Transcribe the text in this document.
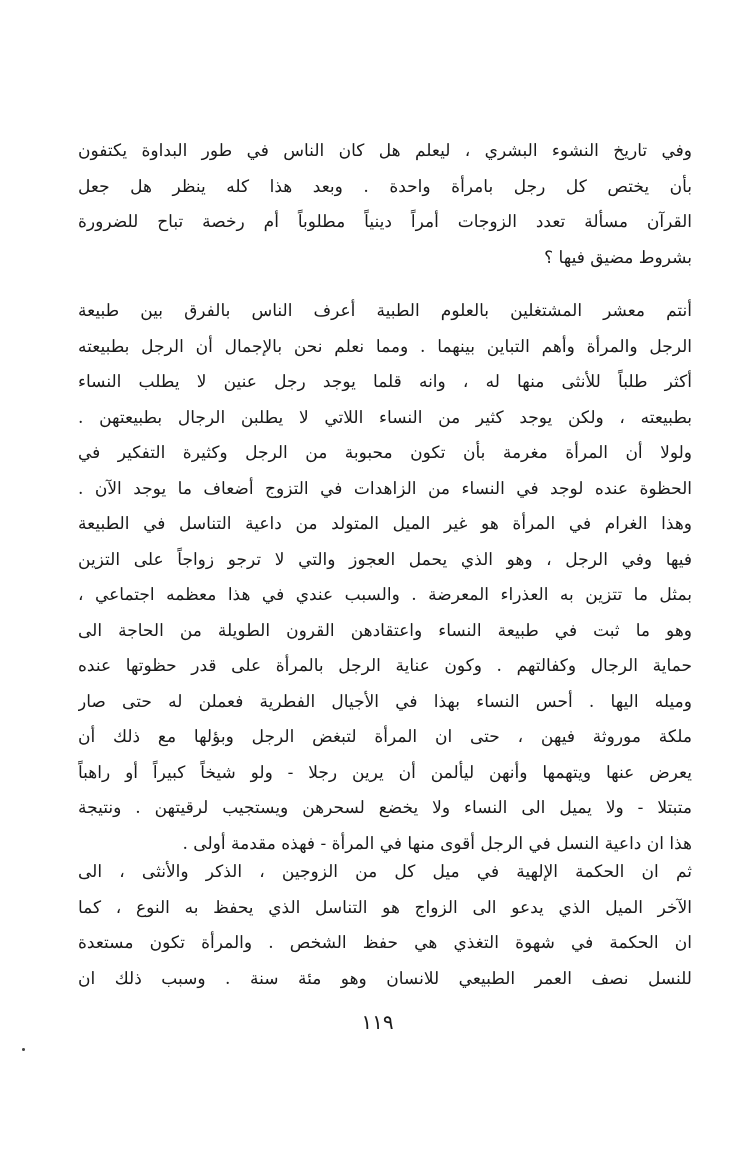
وفي تاريخ النشوء البشري ، ليعلم هل كان الناس في طور البداوة يكتفون
بأن يختص كل رجل بامرأة واحدة . وبعد هذا كله ينظر هل جعل
القرآن مسألة تعدد الزوجات أمراً دينياً مطلوباً أم رخصة تباح للضرورة
بشروط مضيق فيها ؟
أنتم معشر المشتغلين بالعلوم الطبية أعرف الناس بالفرق بين طبيعة
الرجل والمرأة وأهم التباين بينهما . ومما نعلم نحن بالإجمال أن الرجل بطبيعته
أكثر طلباً للأنثى منها له ، وانه قلما يوجد رجل عنين لا يطلب النساء
بطبيعته ، ولكن يوجد كثير من النساء اللاتي لا يطلبن الرجال بطبيعتهن .
ولولا أن المرأة مغرمة بأن تكون محبوبة من الرجل وكثيرة التفكير في
الحظوة عنده لوجد في النساء من الزاهدات في التزوج أضعاف ما يوجد الآن .
وهذا الغرام في المرأة هو غير الميل المتولد من داعية التناسل في الطبيعة
فيها وفي الرجل ، وهو الذي يحمل العجوز والتي لا ترجو زواجاً على التزين
بمثل ما تتزين به العذراء المعرضة . والسبب عندي في هذا معظمه اجتماعي ،
وهو ما ثبت في طبيعة النساء واعتقادهن القرون الطويلة من الحاجة الى
حماية الرجال وكفالتهم . وكون عناية الرجل بالمرأة على قدر حظوتها عنده
وميله اليها . أحس النساء بهذا في الأجيال الفطرية فعملن له حتى صار
ملكة موروثة فيهن ، حتى ان المرأة لتبغض الرجل وبؤلها مع ذلك أن
يعرض عنها ويتهمها وأنهن ليألمن أن يرين رجلا - ولو شيخاً كبيراً أو راهباً
متبتلا - ولا يميل الى النساء ولا يخضع لسحرهن ويستجيب لرقيتهن . ونتيجة
هذا ان داعية النسل في الرجل أقوى منها في المرأة - فهذه مقدمة أولى .
ثم ان الحكمة الإلهية في ميل كل من الزوجين ، الذكر والأنثى ، الى
الآخر الميل الذي يدعو الى الزواج هو التناسل الذي يحفظ به النوع ، كما
ان الحكمة في شهوة التغذي هي حفظ الشخص . والمرأة تكون مستعدة
للنسل نصف العمر الطبيعي للانسان وهو مئة سنة . وسبب ذلك ان
١١٩
